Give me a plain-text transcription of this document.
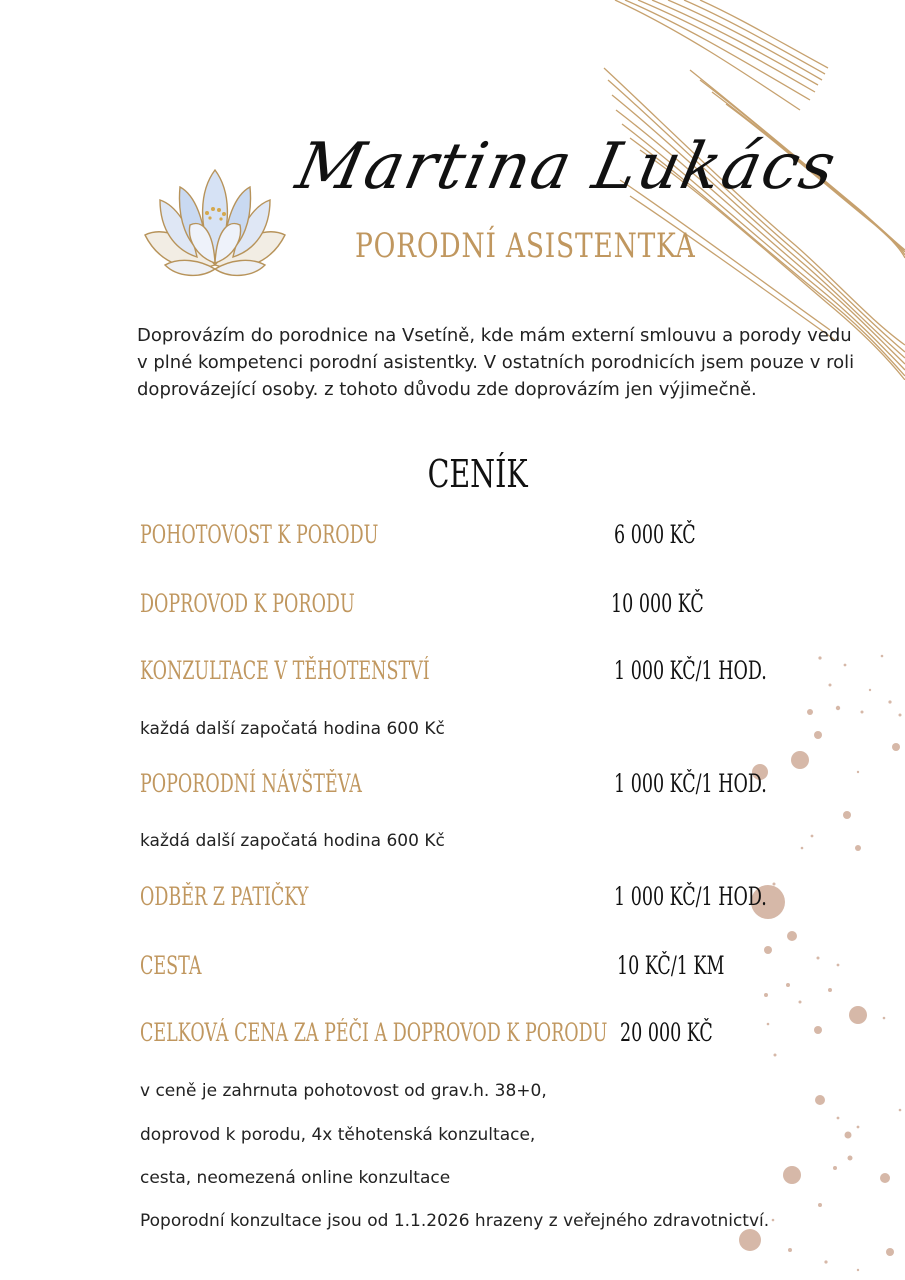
Martina Lukács
PORODNÍ ASISTENTKA
Doprovázím do porodnice na Vsetíně, kde mám externí smlouvu a porody vedu v plné kompetenci porodní asistentky. V ostatních porodnicích jsem pouze v roli doprovázející osoby. z tohoto důvodu zde doprovázím jen výjimečně.
CENÍK
POHOTOVOST K PORODU	6 000 KČ
DOPROVOD K PORODU	10 000 KČ
KONZULTACE V TĚHOTENSTVÍ	1 000 KČ/1 HOD.
každá další započatá hodina 600 Kč
POPORODNÍ NÁVŠTĚVA	1 000 KČ/1 HOD.
každá další započatá hodina 600 Kč
ODBĚR Z PATIČKY	1 000 KČ/1 HOD.
CESTA	10 KČ/1 KM
CELKOVÁ CENA ZA PÉČI A DOPROVOD K PORODU 20 000 KČ
v ceně je zahrnuta pohotovost od grav.h. 38+0,
doprovod k porodu, 4x těhotenská konzultace,
cesta, neomezená online konzultace
Poporodní konzultace jsou od 1.1.2026 hrazeny z veřejného zdravotnictví.
